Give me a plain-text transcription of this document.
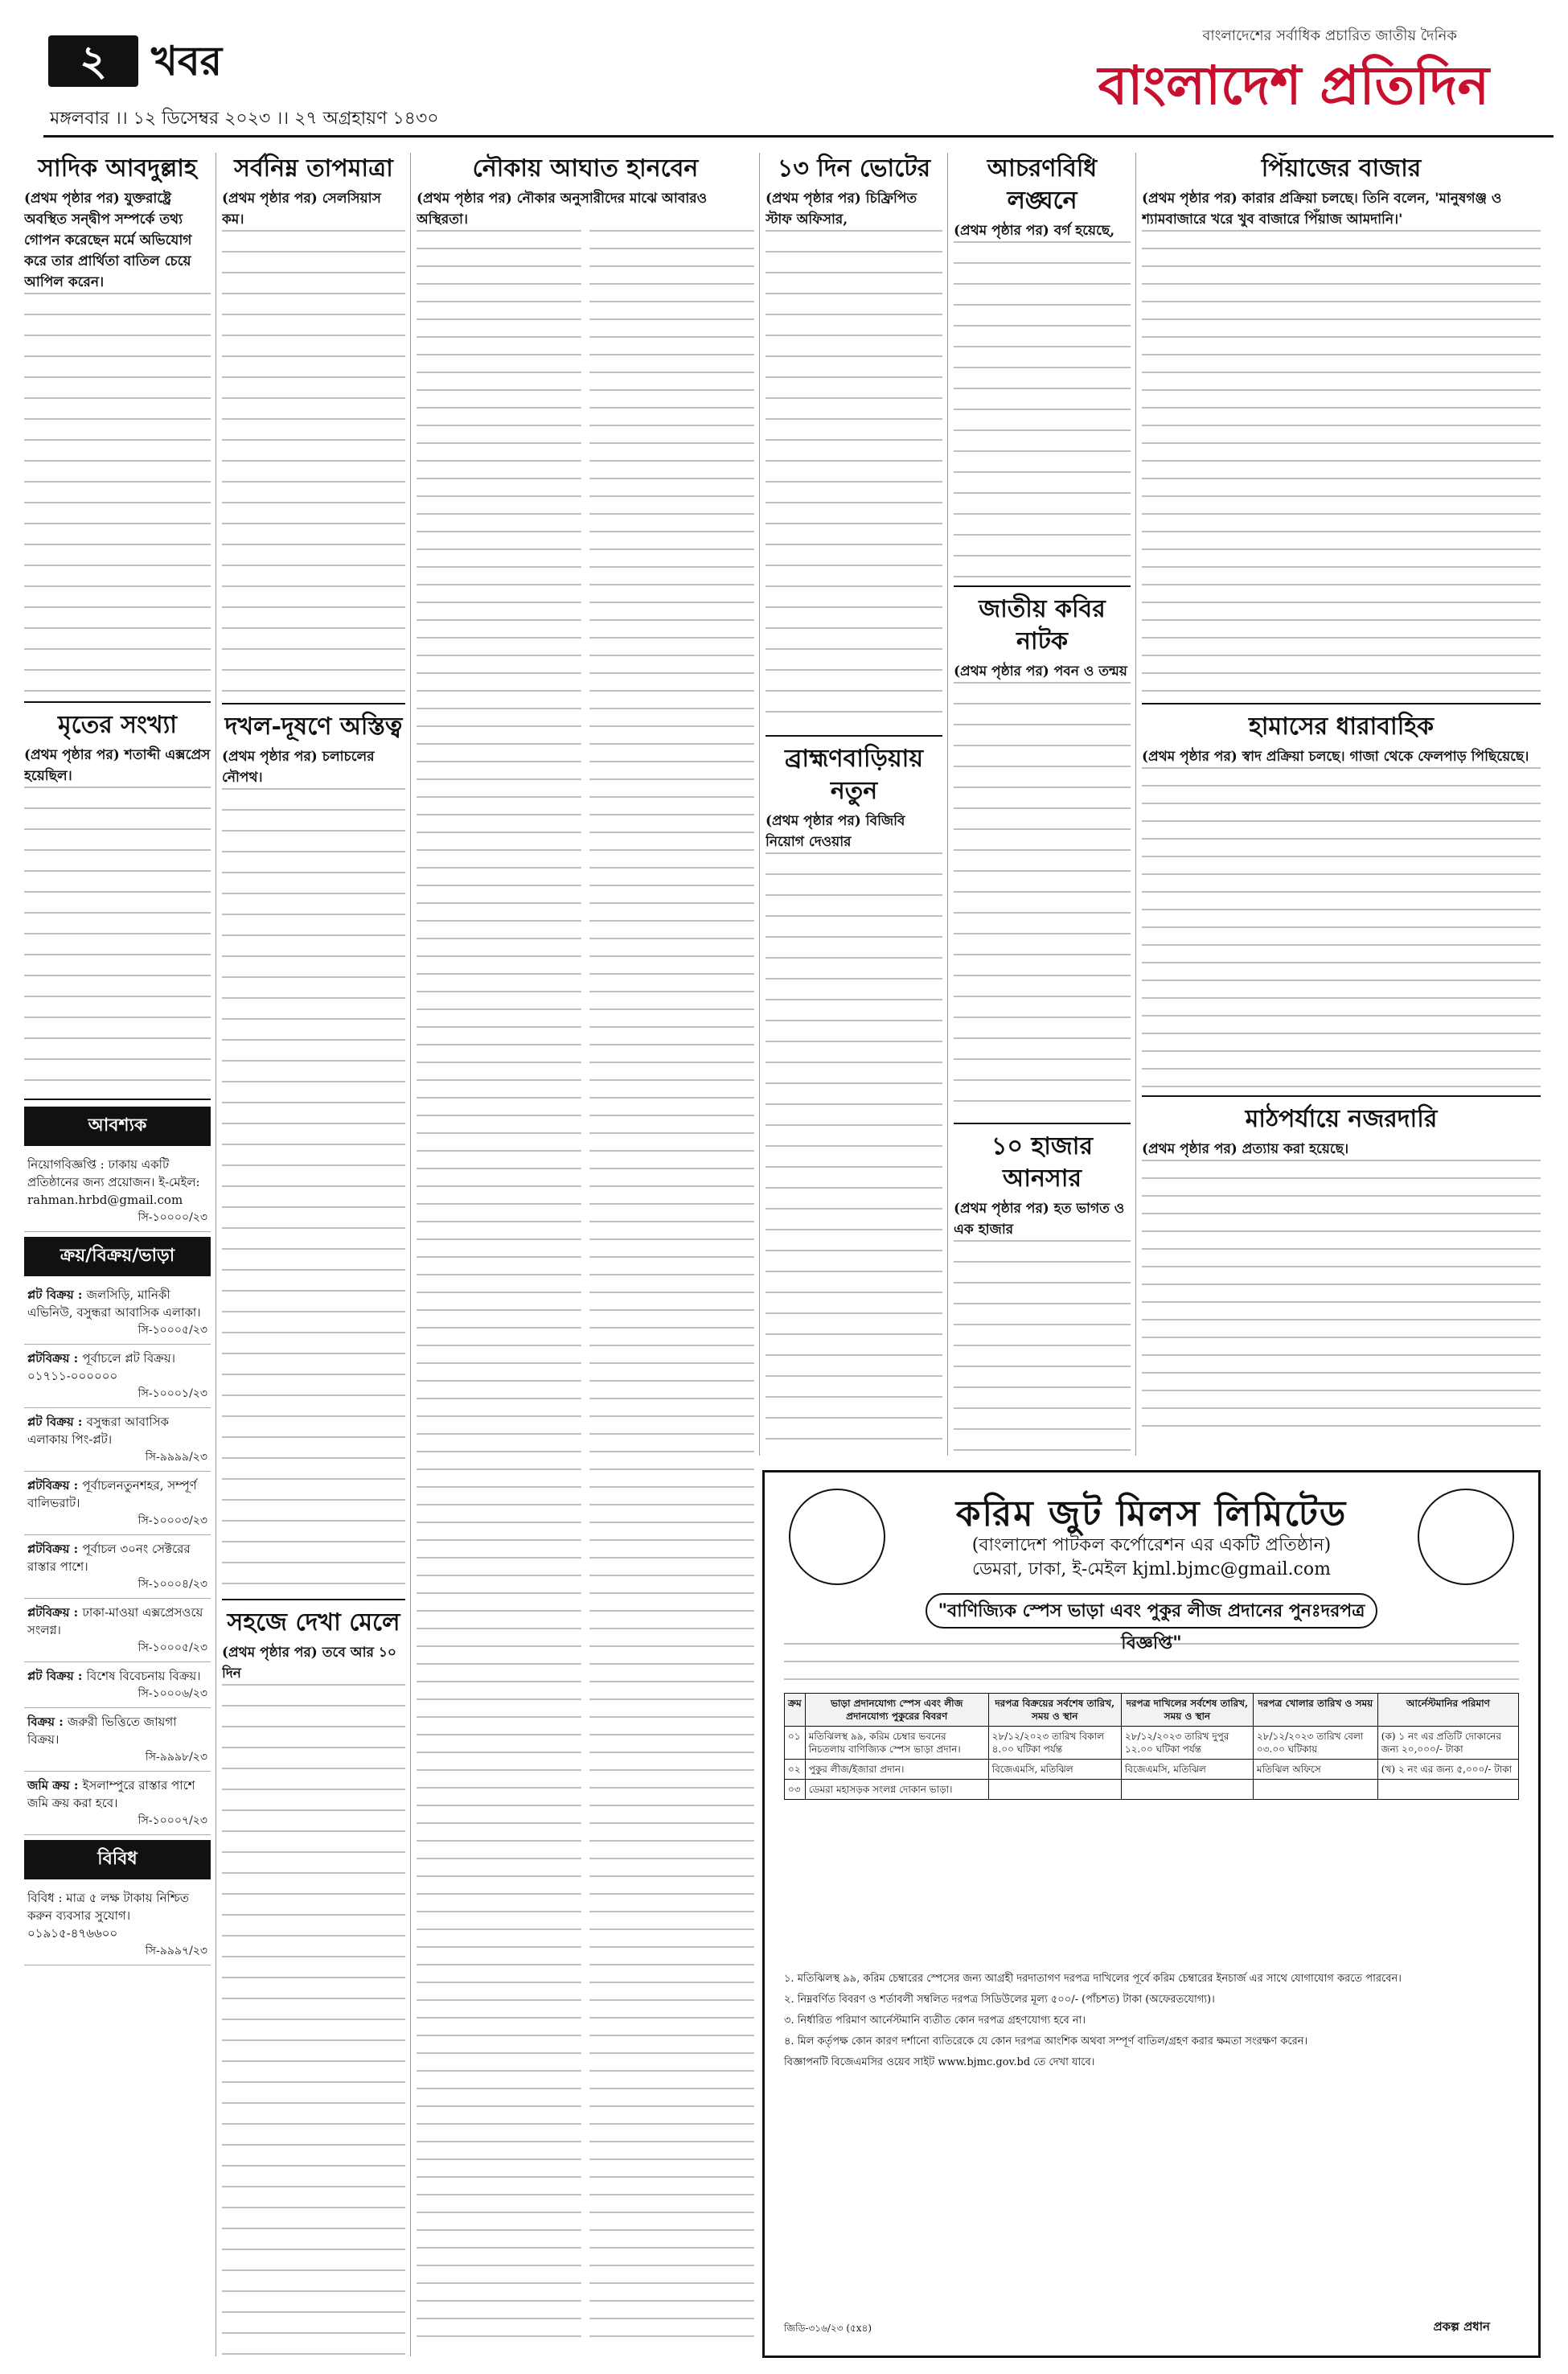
২	খবর
মঙ্গলবার ।। ১২ ডিসেম্বর ২০২৩ ।। ২৭ অগ্রহায়ণ ১৪৩০
বাংলাদেশের সর্বাধিক প্রচারিত জাতীয় দৈনিক
বাংলাদেশ প্রতিদিন
সাদিক আবদুল্লাহ
(প্রথম পৃষ্ঠার পর) যুক্তরাষ্ট্রে অবস্থিত সন্দ্বীপ সম্পর্কে তথ্য গোপন করেছেন মর্মে অভিযোগ করে তার প্রার্থিতা বাতিল চেয়ে আপিল করেন।
মৃতের সংখ্যা
(প্রথম পৃষ্ঠার পর) শতাব্দী এক্সপ্রেস হয়েছিল।
আবশ্যক
নিয়োগবিজ্ঞপ্তি : ঢাকায় একটি প্রতিষ্ঠানের জন্য প্রয়োজন। ই-মেইল: rahman.hrbd@gmail.com
সি-১০০০০/২৩
ক্রয়/বিক্রয়/ভাড়া
প্লট বিক্রয় : জলসিড়ি, মানিকী এভিনিউ, বসুন্ধরা আবাসিক এলাকা।
সি-১০০০৫/২৩
প্লটবিক্রয় : পূর্বাচলে প্লট বিক্রয়। ০১৭১১-০০০০০০
সি-১০০০১/২৩
প্লট বিক্রয় : বসুন্ধরা আবাসিক এলাকায় পিং-প্লট।
সি-৯৯৯৯/২৩
প্লটবিক্রয় : পূর্বাচলনতুনশহর, সম্পূর্ণ বালিভরাট।
সি-১০০০৩/২৩
প্লটবিক্রয় : পূর্বাচল ৩০নং সেক্টরের রাস্তার পাশে।
সি-১০০০৪/২৩
প্লটবিক্রয় : ঢাকা-মাওয়া এক্সপ্রেসওয়ে সংলগ্ন।
সি-১০০০৫/২৩
প্লট বিক্রয় : বিশেষ বিবেচনায় বিক্রয়।
সি-১০০০৬/২৩
বিক্রয় : জরুরী ভিত্তিতে জায়গা বিক্রয়।
সি-৯৯৯৮/২৩
জমি ক্রয় : ইসলাম্পুরে রাস্তার পাশে জমি ক্রয় করা হবে।
সি-১০০০৭/২৩
বিবিধ
বিবিধ : মাত্র ৫ লক্ষ টাকায় নিশ্চিত করুন ব্যবসার সুযোগ। ০১৯১৫-৪৭৬৬০০
সি-৯৯৯৭/২৩
সর্বনিম্ন তাপমাত্রা
(প্রথম পৃষ্ঠার পর) সেলসিয়াস কম।
দখল-দূষণে অস্তিত্ব
(প্রথম পৃষ্ঠার পর) চলাচলের নৌপথ।
সহজে দেখা মেলে
(প্রথম পৃষ্ঠার পর) তবে আর ১০ দিন
নৌকায় আঘাত হানবেন
(প্রথম পৃষ্ঠার পর) নৌকার অনুসারীদের মাঝে আবারও অস্থিরতা।
১৩ দিন ভোটের
(প্রথম পৃষ্ঠার পর) চিফ্রিপিত স্টাফ অফিসার,
ব্রাহ্মণবাড়িয়ায় নতুন
(প্রথম পৃষ্ঠার পর) বিজিবি নিয়োগ দেওয়ার
আচরণবিধি লঙ্ঘনে
(প্রথম পৃষ্ঠার পর) বর্গ হয়েছে,
জাতীয় কবির নাটক
(প্রথম পৃষ্ঠার পর) পবন ও তন্ময়
১০ হাজার আনসার
(প্রথম পৃষ্ঠার পর) হত ভাগত ও এক হাজার
পিঁয়াজের বাজার
(প্রথম পৃষ্ঠার পর) কারার প্রক্রিয়া চলছে। তিনি বলেন, 'মানুষগঞ্জ ও শ্যামবাজারে খরে খুব বাজারে পিঁয়াজ আমদানি।'
হামাসের ধারাবাহিক
(প্রথম পৃষ্ঠার পর) স্বাদ প্রক্রিয়া চলছে। গাজা থেকে ফেলপাড় পিছিয়েছে।
মাঠপর্যায়ে নজরদারি
(প্রথম পৃষ্ঠার পর) প্রত্যায় করা হয়েছে।
করিম জুট মিলস লিমিটেড
(বাংলাদেশ পাটকল কর্পোরেশন এর একটি প্রতিষ্ঠান)
ডেমরা, ঢাকা, ই-মেইল kjml.bjmc@gmail.com
"বাণিজ্যিক স্পেস ভাড়া এবং পুকুর লীজ প্রদানের পুনঃদরপত্র বিজ্ঞপ্তি"
ক্রম	ভাড়া প্রদানযোগ্য স্পেস এবং লীজ প্রদানযোগ্য পুকুরের বিবরণ	দরপত্র বিক্রয়ের সর্বশেষ তারিখ, সময় ও স্থান	দরপত্র দাখিলের সর্বশেষ তারিখ, সময় ও স্থান	দরপত্র খোলার তারিখ ও সময়	আর্নেস্টমানির পরিমাণ
০১	মতিঝিলস্থ ৯৯, করিম চেম্বার ভবনের নিচতলায় বাণিজ্যিক স্পেস ভাড়া প্রদান।	২৮/১২/২০২৩ তারিখ বিকাল ৪.০০ ঘটিকা পর্যন্ত	২৮/১২/২০২৩ তারিখ দুপুর ১২.০০ ঘটিকা পর্যন্ত	২৮/১২/২০২৩ তারিখ বেলা ০৩.০০ ঘটিকায়	(ক) ১ নং এর প্রতিটি দোকানের জন্য ২০,০০০/- টাকা
০২	পুকুর লীজ/ইজারা প্রদান।	বিজেএমসি, মতিঝিল	বিজেএমসি, মতিঝিল	মতিঝিল অফিসে	(খ) ২ নং এর জন্য ৫,০০০/- টাকা
০৩	ডেমরা মহাসড়ক সংলগ্ন দোকান ভাড়া।				
১. মতিঝিলস্থ ৯৯, করিম চেম্বারের স্পেসের জন্য আগ্রহী দরদাতাগণ দরপত্র দাখিলের পূর্বে করিম চেম্বারের ইনচার্জ এর সাথে যোগাযোগ করতে পারবেন।
২. নিম্নবর্ণিত বিবরণ ও শর্তাবলী সম্বলিত দরপত্র সিডিউলের মূল্য ৫০০/- (পাঁচশত) টাকা (অফেরতযোগ্য)।
৩. নির্ধারিত পরিমাণ আর্নেস্টমানি ব্যতীত কোন দরপত্র গ্রহণযোগ্য হবে না।
৪. মিল কর্তৃপক্ষ কোন কারণ দর্শানো ব্যতিরেকে যে কোন দরপত্র আংশিক অথবা সম্পূর্ণ বাতিল/গ্রহণ করার ক্ষমতা সংরক্ষণ করেন।
বিজ্ঞাপনটি বিজেএমসির ওয়েব সাইট www.bjmc.gov.bd তে দেখা যাবে।
জিডি-৩১৬/২৩ (৫x৪)	প্রকল্প প্রধান
